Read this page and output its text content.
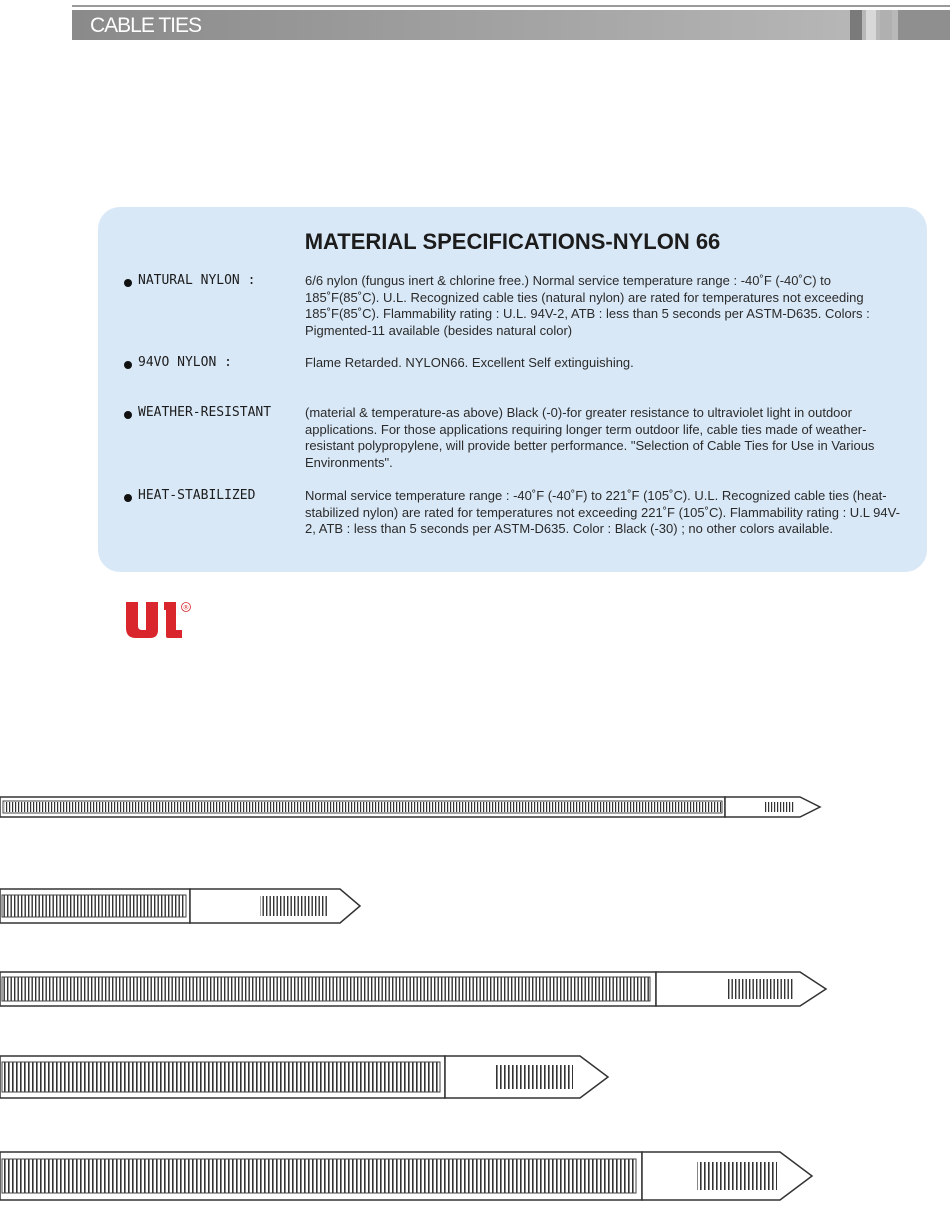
CABLE TIES
MATERIAL SPECIFICATIONS-NYLON 66
NATURAL NYLON :	6/6 nylon (fungus inert & chlorine free.) Normal service temperature range : -40˚F (-40˚C) to 185˚F(85˚C). U.L. Recognized cable ties (natural nylon) are rated for temperatures not exceeding 185˚F(85˚C). Flammability rating : U.L. 94V-2, ATB : less than 5 seconds per ASTM-D635. Colors : Pigmented-11 available (besides natural color)
94VO NYLON :	Flame Retarded. NYLON66. Excellent Self extinguishing.
WEATHER-RESISTANT	(material & temperature-as above) Black (-0)-for greater resistance to ultraviolet light in outdoor applications. For those applications requiring longer term outdoor life, cable ties made of weather-resistant polypropylene, will provide better performance. "Selection of Cable Ties for Use in Various Environments".
HEAT-STABILIZED	Normal service temperature range : -40˚F (-40˚F) to 221˚F (105˚C). U.L. Recognized cable ties (heat-stabilized nylon) are rated for temperatures not exceeding 221˚F (105˚C). Flammability rating : U.L 94V-2, ATB : less than 5 seconds per ASTM-D635. Color : Black (-30) ; no other colors available.
®
